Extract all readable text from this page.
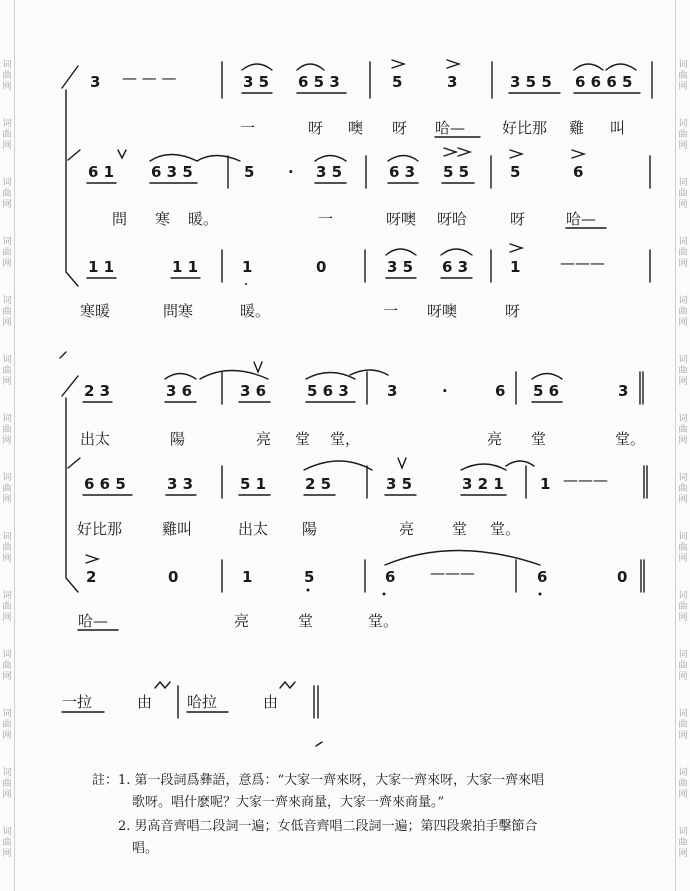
词
曲
网
词
曲
网
词
曲
网
词
曲
网
词
曲
网
词
曲
网
词
曲
网
词
曲
网
词
曲
网
词
曲
网
词
曲
网
词
曲
网
词
曲
网
词
曲
网
词
曲
网
词
曲
网
词
曲
网
词
曲
网
词
曲
网
词
曲
网
词
曲
网
词
曲
网
词
曲
网
词
曲
网
词
曲
网
词
曲
网
词
曲
网
词
曲
网
3 — — —	3 5 6 5 3	5	3	3 5 5 6 6 6 5
一	呀 噢 呀 哈— 好比那 雞 叫
6 1 6 3 5	5 · 3 5	6 3 5 5	5	6
問 寒 暖。	一	呀噢 呀哈	呀	哈—
1 1	1 1	1	0	3 5 6 3	1	———
寒暖	問寒	暖。	一 呀噢	呀
2 3	3 6	3 6	5 6 3	3	·	6 5 6	3
出太	陽	亮 堂 堂，	亮 堂	堂。
6 6 5	3 3	5 1	2 5	3 5	3 2 1 1 ———
好比那	雞叫	出太 陽	亮	堂 堂。
2	0	1	5	6 ———	6	0
哈—	亮	堂	堂。
一拉	由 哈拉	由
註： 1. 第一段詞爲彝語，意爲：“大家一齊來呀，大家一齊來呀，大家一齊來唱
歌呀。唱什麽呢？大家一齊來商量，大家一齊來商量。”
2. 男高音齊唱二段詞一遍；女低音齊唱二段詞一遍；第四段衆拍手擊節合
唱。
